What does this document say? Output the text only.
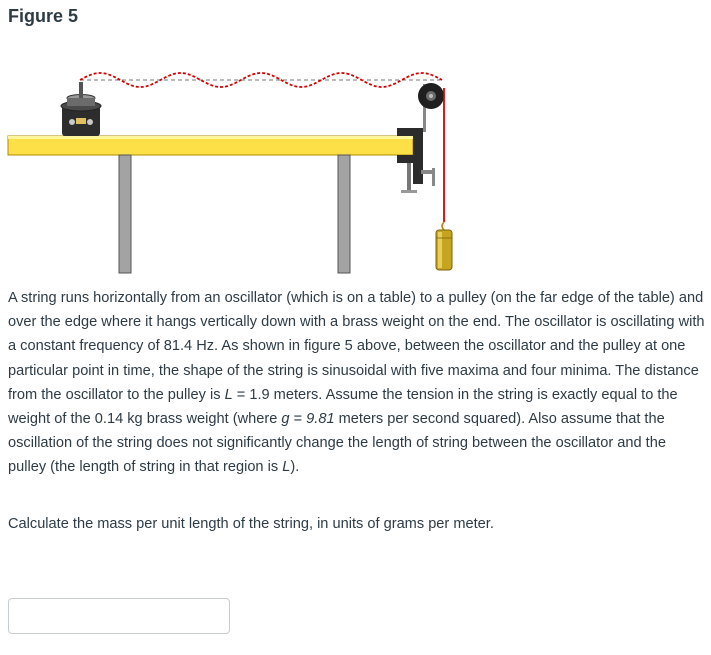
Figure 5

A string runs horizontally from an oscillator (which is on a table) to a pulley (on the far edge of the table) and over the edge where it hangs vertically down with a brass weight on the end. The oscillator is oscillating with a constant frequency of 81.4 Hz. As shown in figure 5 above, between the oscillator and the pulley at one particular point in time, the shape of the string is sinusoidal with five maxima and four minima. The distance from the oscillator to the pulley is L = 1.9 meters. Assume the tension in the string is exactly equal to the weight of the 0.14 kg brass weight (where g = 9.81 meters per second squared). Also assume that the oscillation of the string does not significantly change the length of string between the oscillator and the pulley (the length of string in that region is L).

Calculate the mass per unit length of the string, in units of grams per meter.
